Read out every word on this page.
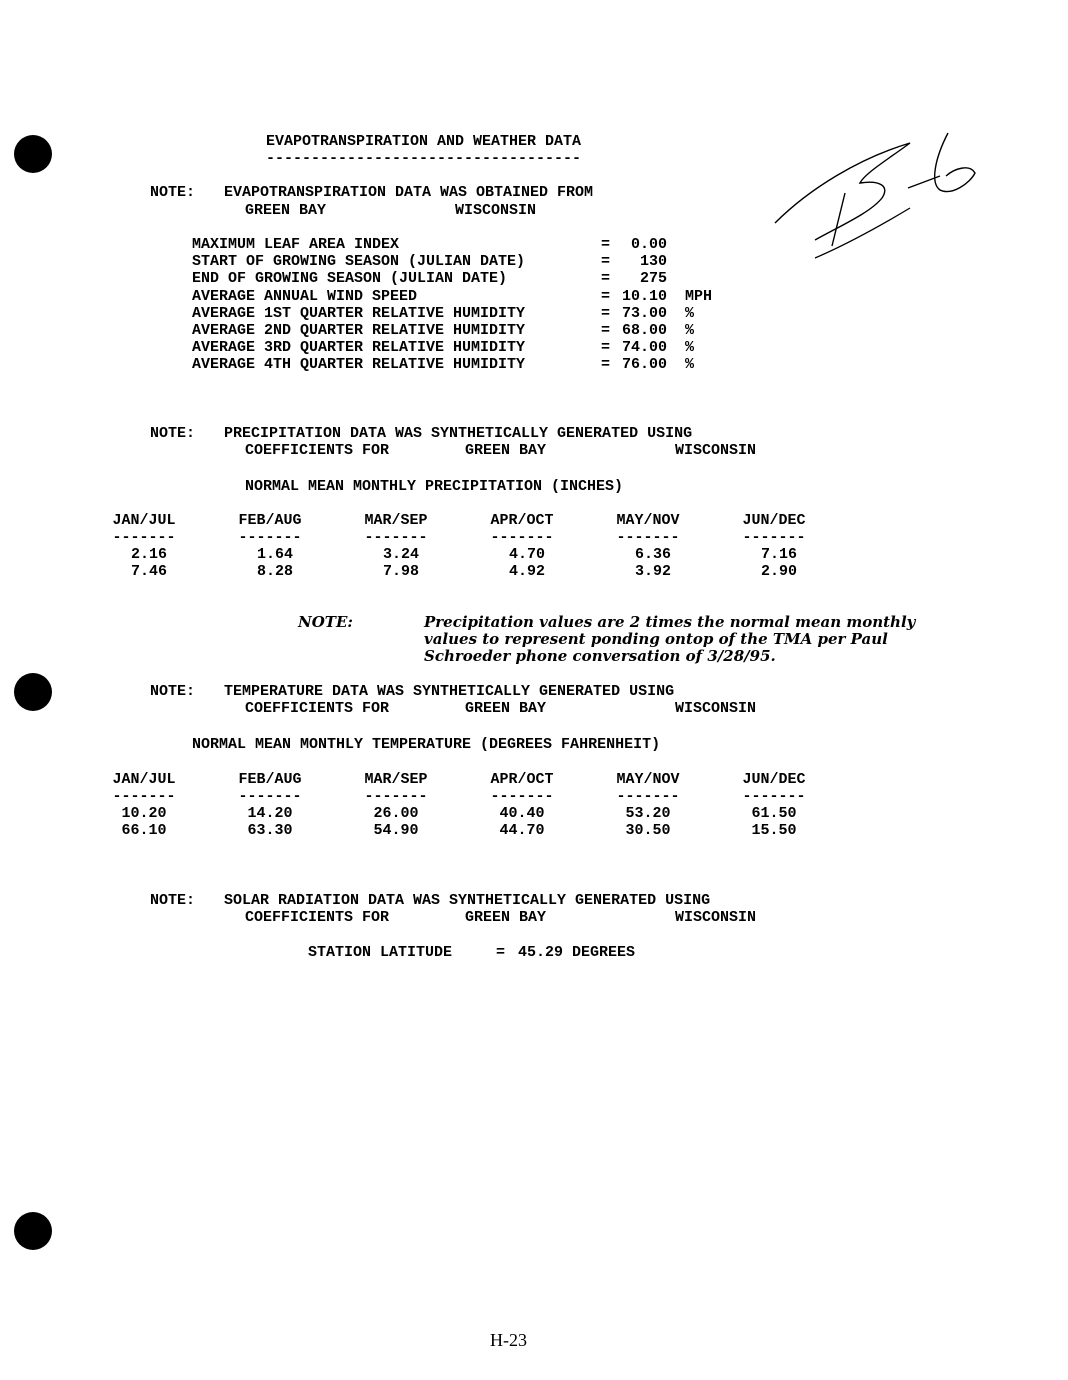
EVAPOTRANSPIRATION AND WEATHER DATA
-----------------------------------
NOTE: EVAPOTRANSPIRATION DATA WAS OBTAINED FROM
GREEN BAY	WISCONSIN
MAXIMUM LEAF AREA INDEX	= 0.00
START OF GROWING SEASON (JULIAN DATE)	= 130
END OF GROWING SEASON (JULIAN DATE)	= 275
AVERAGE ANNUAL WIND SPEED	= 10.10 MPH
AVERAGE 1ST QUARTER RELATIVE HUMIDITY	= 73.00 %
AVERAGE 2ND QUARTER RELATIVE HUMIDITY	= 68.00 %
AVERAGE 3RD QUARTER RELATIVE HUMIDITY	= 74.00 %
AVERAGE 4TH QUARTER RELATIVE HUMIDITY	= 76.00 %
NOTE: PRECIPITATION DATA WAS SYNTHETICALLY GENERATED USING
COEFFICIENTS FOR	GREEN BAY	WISCONSIN
NORMAL MEAN MONTHLY PRECIPITATION (INCHES)
JAN/JUL	FEB/AUG	MAR/SEP	APR/OCT	MAY/NOV	JUN/DEC
-------	-------	-------	-------	-------	-------
2.16	1.64	3.24	4.70	6.36	7.16
7.46	8.28	7.98	4.92	3.92	2.90
NOTE:	Precipitation values are 2 times the normal mean monthly
values to represent ponding ontop of the TMA per Paul
Schroeder phone conversation of 3/28/95.
NOTE: TEMPERATURE DATA WAS SYNTHETICALLY GENERATED USING
COEFFICIENTS FOR	GREEN BAY	WISCONSIN
NORMAL MEAN MONTHLY TEMPERATURE (DEGREES FAHRENHEIT)
JAN/JUL	FEB/AUG	MAR/SEP	APR/OCT	MAY/NOV	JUN/DEC
-------	-------	-------	-------	-------	-------
10.20	14.20	26.00	40.40	53.20	61.50
66.10	63.30	54.90	44.70	30.50	15.50
NOTE: SOLAR RADIATION DATA WAS SYNTHETICALLY GENERATED USING
COEFFICIENTS FOR	GREEN BAY	WISCONSIN
STATION LATITUDE	= 45.29 DEGREES
H-23
